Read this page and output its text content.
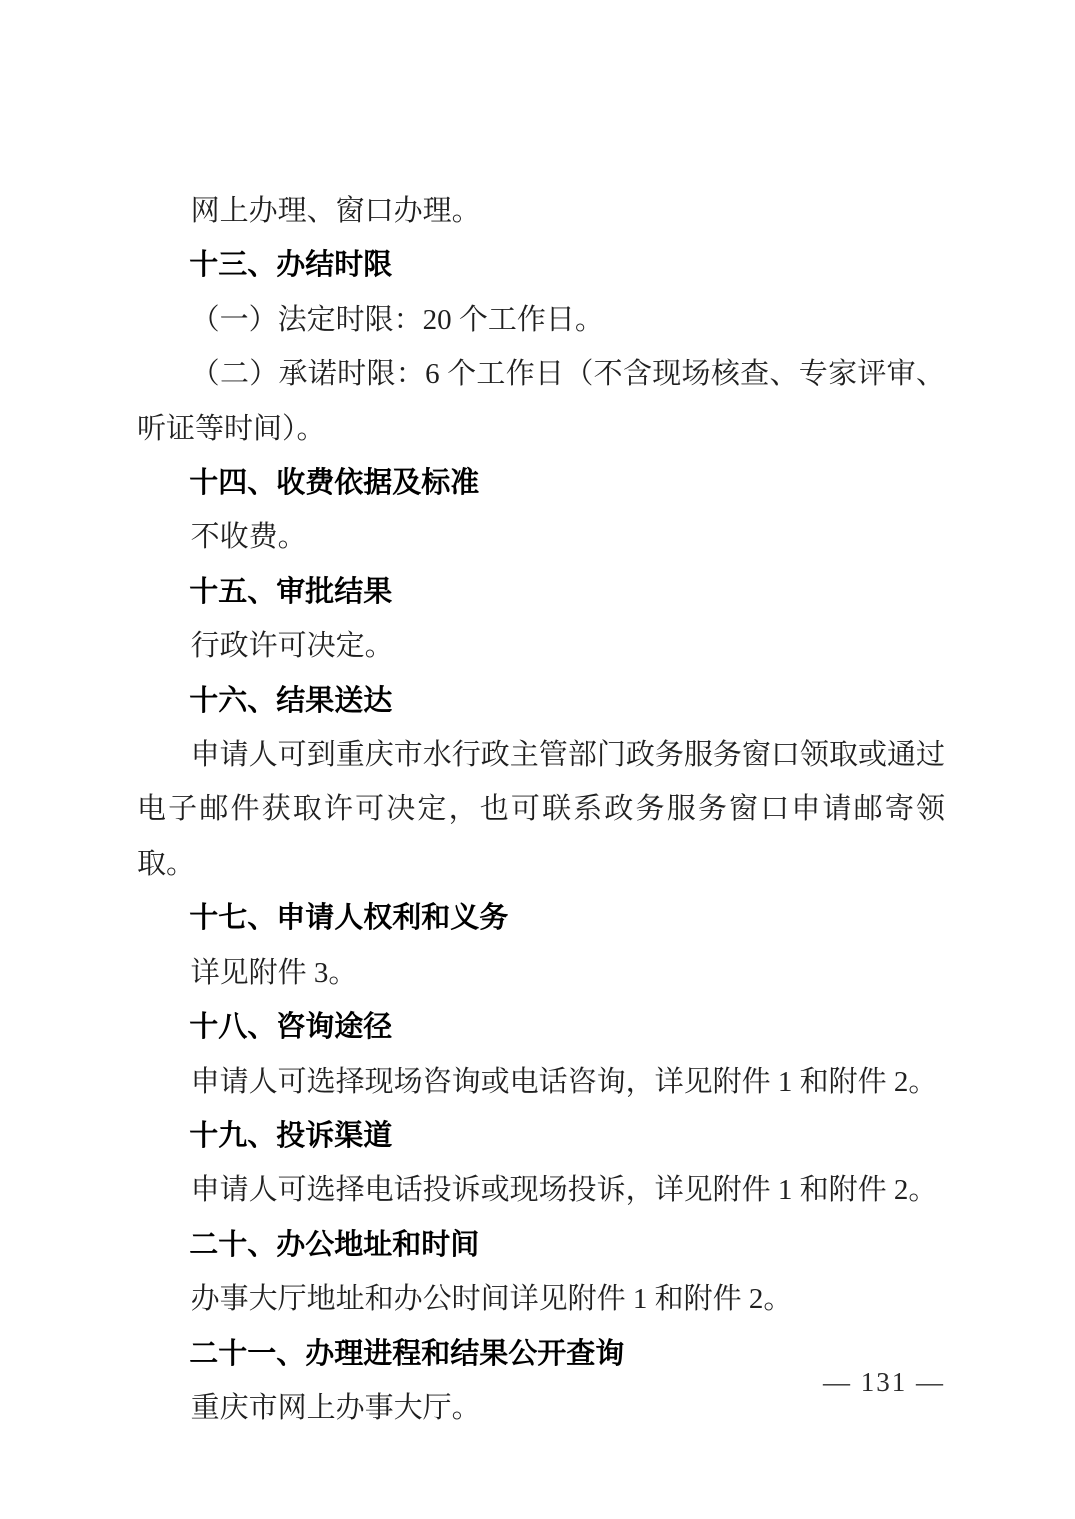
网上办理、窗口办理。

十三、办结时限

（一）法定时限：20 个工作日。

（二）承诺时限：6 个工作日（不含现场核查、专家评审、听证等时间）。

十四、收费依据及标准

不收费。

十五、审批结果

行政许可决定。

十六、结果送达

申请人可到重庆市水行政主管部门政务服务窗口领取或通过电子邮件获取许可决定，也可联系政务服务窗口申请邮寄领取。

十七、申请人权利和义务

详见附件 3。

十八、咨询途径

申请人可选择现场咨询或电话咨询，详见附件 1 和附件 2。

十九、投诉渠道

申请人可选择电话投诉或现场投诉，详见附件 1 和附件 2。

二十、办公地址和时间

办事大厅地址和办公时间详见附件 1 和附件 2。

二十一、办理进程和结果公开查询

重庆市网上办事大厅。

— 131 —
